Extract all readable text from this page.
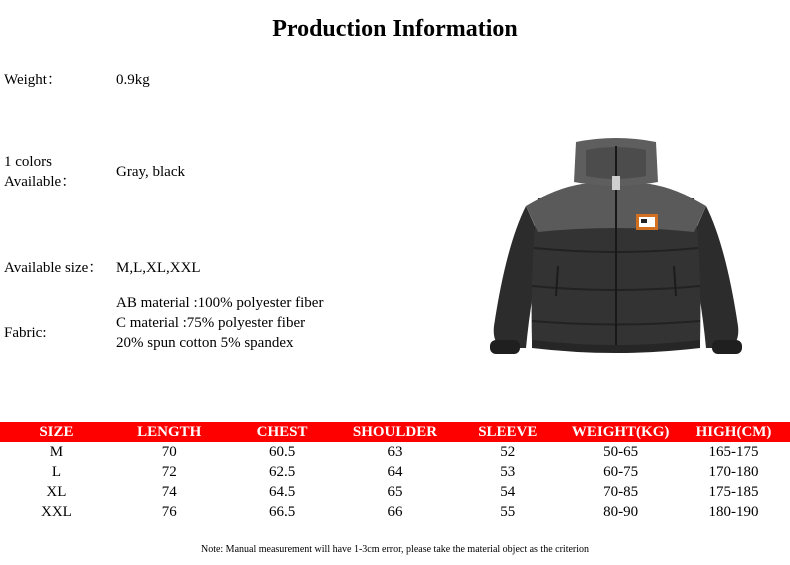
Production Information
Weight：	0.9kg
1 colors
Available：
Gray, black
Available size： M,L,XL,XXL
Fabric:
AB material :100% polyester fiber
C material :75% polyester fiber
20% spun cotton 5% spandex
SIZE	LENGTH	CHEST	SHOULDER	SLEEVE	WEIGHT(KG)	HIGH(CM)
M	70	60.5	63	52	50-65	165-175
L	72	62.5	64	53	60-75	170-180
XL	74	64.5	65	54	70-85	175-185
XXL	76	66.5	66	55	80-90	180-190
Note: Manual measurement will have 1-3cm error, please take the material object as the criterion
